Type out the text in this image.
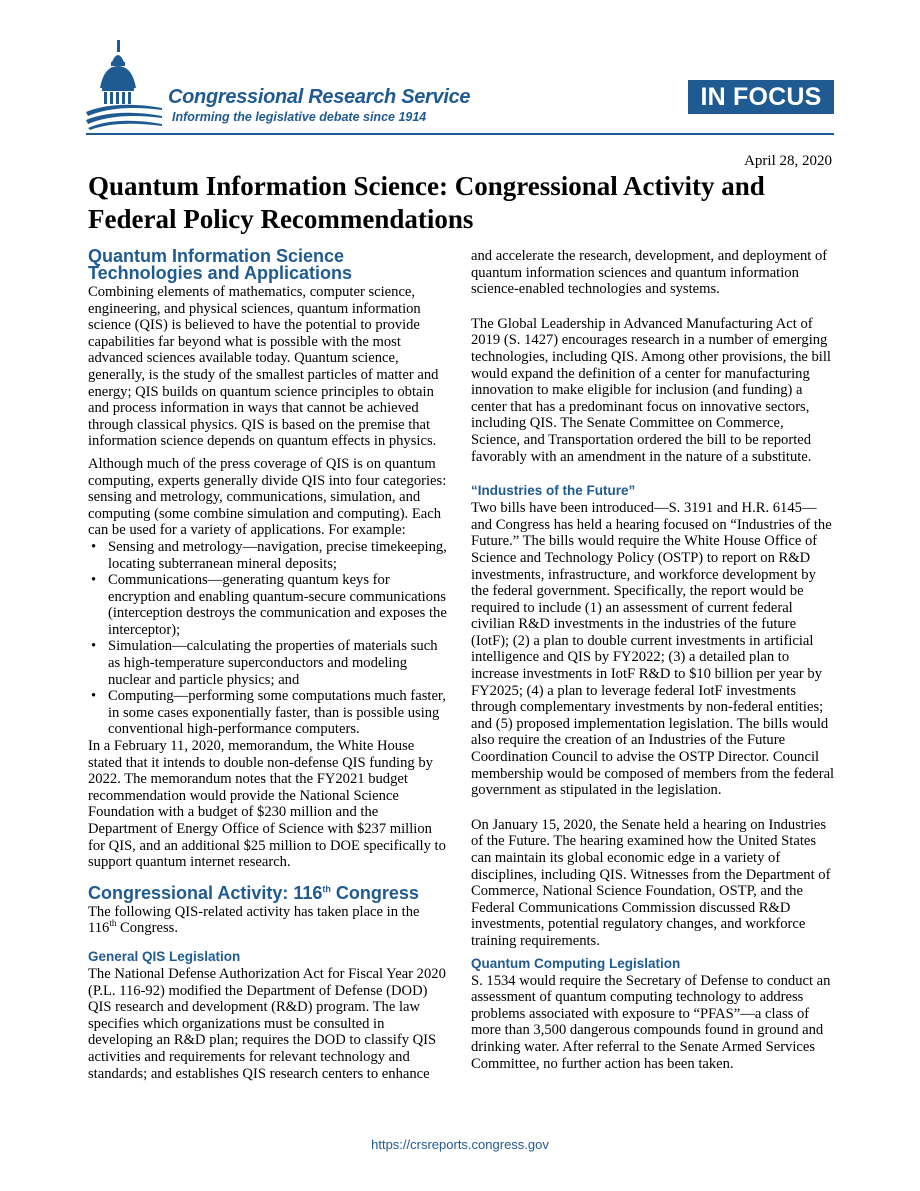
Congressional Research Service
Informing the legislative debate since 1914
IN FOCUS
April 28, 2020
Quantum Information Science: Congressional Activity and Federal Policy Recommendations
Quantum Information Science Technologies and Applications

Combining elements of mathematics, computer science, engineering, and physical sciences, quantum information science (QIS) is believed to have the potential to provide capabilities far beyond what is possible with the most advanced sciences available today. Quantum science, generally, is the study of the smallest particles of matter and energy; QIS builds on quantum science principles to obtain and process information in ways that cannot be achieved through classical physics. QIS is based on the premise that information science depends on quantum effects in physics.

Although much of the press coverage of QIS is on quantum computing, experts generally divide QIS into four categories: sensing and metrology, communications, simulation, and computing (some combine simulation and computing). Each can be used for a variety of applications. For example:

• Sensing and metrology—navigation, precise timekeeping, locating subterranean mineral deposits;
• Communications—generating quantum keys for encryption and enabling quantum-secure communications (interception destroys the communication and exposes the interceptor);
• Simulation—calculating the properties of materials such as high-temperature superconductors and modeling nuclear and particle physics; and
• Computing—performing some computations much faster, in some cases exponentially faster, than is possible using conventional high-performance computers.

In a February 11, 2020, memorandum, the White House stated that it intends to double non-defense QIS funding by 2022. The memorandum notes that the FY2021 budget recommendation would provide the National Science Foundation with a budget of $230 million and the Department of Energy Office of Science with $237 million for QIS, and an additional $25 million to DOE specifically to support quantum internet research.

Congressional Activity: 116th Congress

The following QIS-related activity has taken place in the 116th Congress.

General QIS Legislation

The National Defense Authorization Act for Fiscal Year 2020 (P.L. 116-92) modified the Department of Defense (DOD) QIS research and development (R&D) program. The law specifies which organizations must be consulted in developing an R&D plan; requires the DOD to classify QIS activities and requirements for relevant technology and standards; and establishes QIS research centers to enhance

and accelerate the research, development, and deployment of quantum information sciences and quantum information science-enabled technologies and systems.

The Global Leadership in Advanced Manufacturing Act of 2019 (S. 1427) encourages research in a number of emerging technologies, including QIS. Among other provisions, the bill would expand the definition of a center for manufacturing innovation to make eligible for inclusion (and funding) a center that has a predominant focus on innovative sectors, including QIS. The Senate Committee on Commerce, Science, and Transportation ordered the bill to be reported favorably with an amendment in the nature of a substitute.

“Industries of the Future”

Two bills have been introduced—S. 3191 and H.R. 6145—and Congress has held a hearing focused on “Industries of the Future.” The bills would require the White House Office of Science and Technology Policy (OSTP) to report on R&D investments, infrastructure, and workforce development by the federal government. Specifically, the report would be required to include (1) an assessment of current federal civilian R&D investments in the industries of the future (IotF); (2) a plan to double current investments in artificial intelligence and QIS by FY2022; (3) a detailed plan to increase investments in IotF R&D to $10 billion per year by FY2025; (4) a plan to leverage federal IotF investments through complementary investments by non-federal entities; and (5) proposed implementation legislation. The bills would also require the creation of an Industries of the Future Coordination Council to advise the OSTP Director. Council membership would be composed of members from the federal government as stipulated in the legislation.

On January 15, 2020, the Senate held a hearing on Industries of the Future. The hearing examined how the United States can maintain its global economic edge in a variety of disciplines, including QIS. Witnesses from the Department of Commerce, National Science Foundation, OSTP, and the Federal Communications Commission discussed R&D investments, potential regulatory changes, and workforce training requirements.

Quantum Computing Legislation

S. 1534 would require the Secretary of Defense to conduct an assessment of quantum computing technology to address problems associated with exposure to “PFAS”—a class of more than 3,500 dangerous compounds found in ground and drinking water. After referral to the Senate Armed Services Committee, no further action has been taken.

https://crsreports.congress.gov
